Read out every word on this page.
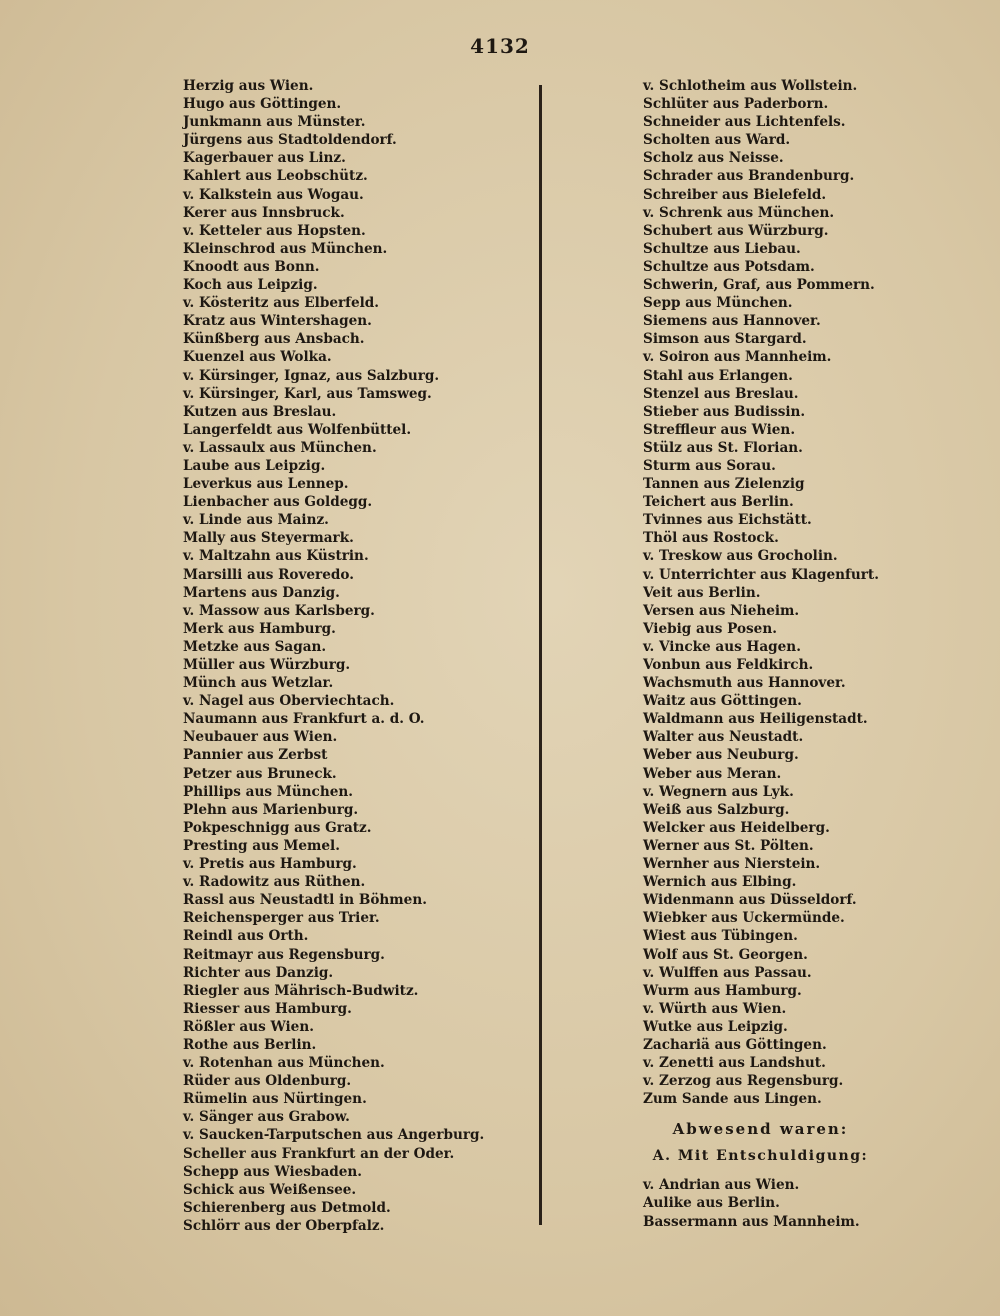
4132
Herzig aus Wien.
Hugo aus Göttingen.
Junkmann aus Münster.
Jürgens aus Stadtoldendorf.
Kagerbauer aus Linz.
Kahlert aus Leobschütz.
v. Kalkstein aus Wogau.
Kerer aus Innsbruck.
v. Ketteler aus Hopsten.
Kleinschrod aus München.
Knoodt aus Bonn.
Koch aus Leipzig.
v. Kösteritz aus Elberfeld.
Kratz aus Wintershagen.
Künßberg aus Ansbach.
Kuenzel aus Wolka.
v. Kürsinger, Ignaz, aus Salzburg.
v. Kürsinger, Karl, aus Tamsweg.
Kutzen aus Breslau.
Langerfeldt aus Wolfenbüttel.
v. Lassaulx aus München.
Laube aus Leipzig.
Leverkus aus Lennep.
Lienbacher aus Goldegg.
v. Linde aus Mainz.
Mally aus Steyermark.
v. Maltzahn aus Küstrin.
Marsilli aus Roveredo.
Martens aus Danzig.
v. Massow aus Karlsberg.
Merk aus Hamburg.
Metzke aus Sagan.
Müller aus Würzburg.
Münch aus Wetzlar.
v. Nagel aus Oberviechtach.
Naumann aus Frankfurt a. d. O.
Neubauer aus Wien.
Pannier aus Zerbst
Petzer aus Bruneck.
Phillips aus München.
Plehn aus Marienburg.
Pokpeschnigg aus Gratz.
Presting aus Memel.
v. Pretis aus Hamburg.
v. Radowitz aus Rüthen.
Rassl aus Neustadtl in Böhmen.
Reichensperger aus Trier.
Reindl aus Orth.
Reitmayr aus Regensburg.
Richter aus Danzig.
Riegler aus Mährisch-Budwitz.
Riesser aus Hamburg.
Rößler aus Wien.
Rothe aus Berlin.
v. Rotenhan aus München.
Rüder aus Oldenburg.
Rümelin aus Nürtingen.
v. Sänger aus Grabow.
v. Saucken-Tarputschen aus Angerburg.
Scheller aus Frankfurt an der Oder.
Schepp aus Wiesbaden.
Schick aus Weißensee.
Schierenberg aus Detmold.
Schlörr aus der Oberpfalz.
v. Schlotheim aus Wollstein.
Schlüter aus Paderborn.
Schneider aus Lichtenfels.
Scholten aus Ward.
Scholz aus Neisse.
Schrader aus Brandenburg.
Schreiber aus Bielefeld.
v. Schrenk aus München.
Schubert aus Würzburg.
Schultze aus Liebau.
Schultze aus Potsdam.
Schwerin, Graf, aus Pommern.
Sepp aus München.
Siemens aus Hannover.
Simson aus Stargard.
v. Soiron aus Mannheim.
Stahl aus Erlangen.
Stenzel aus Breslau.
Stieber aus Budissin.
Streffleur aus Wien.
Stülz aus St. Florian.
Sturm aus Sorau.
Tannen aus Zielenzig
Teichert aus Berlin.
Tvinnes aus Eichstätt.
Thöl aus Rostock.
v. Treskow aus Grocholin.
v. Unterrichter aus Klagenfurt.
Veit aus Berlin.
Versen aus Nieheim.
Viebig aus Posen.
v. Vincke aus Hagen.
Vonbun aus Feldkirch.
Wachsmuth aus Hannover.
Waitz aus Göttingen.
Waldmann aus Heiligenstadt.
Walter aus Neustadt.
Weber aus Neuburg.
Weber aus Meran.
v. Wegnern aus Lyk.
Weiß aus Salzburg.
Welcker aus Heidelberg.
Werner aus St. Pölten.
Wernher aus Nierstein.
Wernich aus Elbing.
Widenmann aus Düsseldorf.
Wiebker aus Uckermünde.
Wiest aus Tübingen.
Wolf aus St. Georgen.
v. Wulffen aus Passau.
Wurm aus Hamburg.
v. Würth aus Wien.
Wutke aus Leipzig.
Zachariä aus Göttingen.
v. Zenetti aus Landshut.
v. Zerzog aus Regensburg.
Zum Sande aus Lingen.
Abwesend waren:
A. Mit Entschuldigung:
v. Andrian aus Wien.
Aulike aus Berlin.
Bassermann aus Mannheim.
